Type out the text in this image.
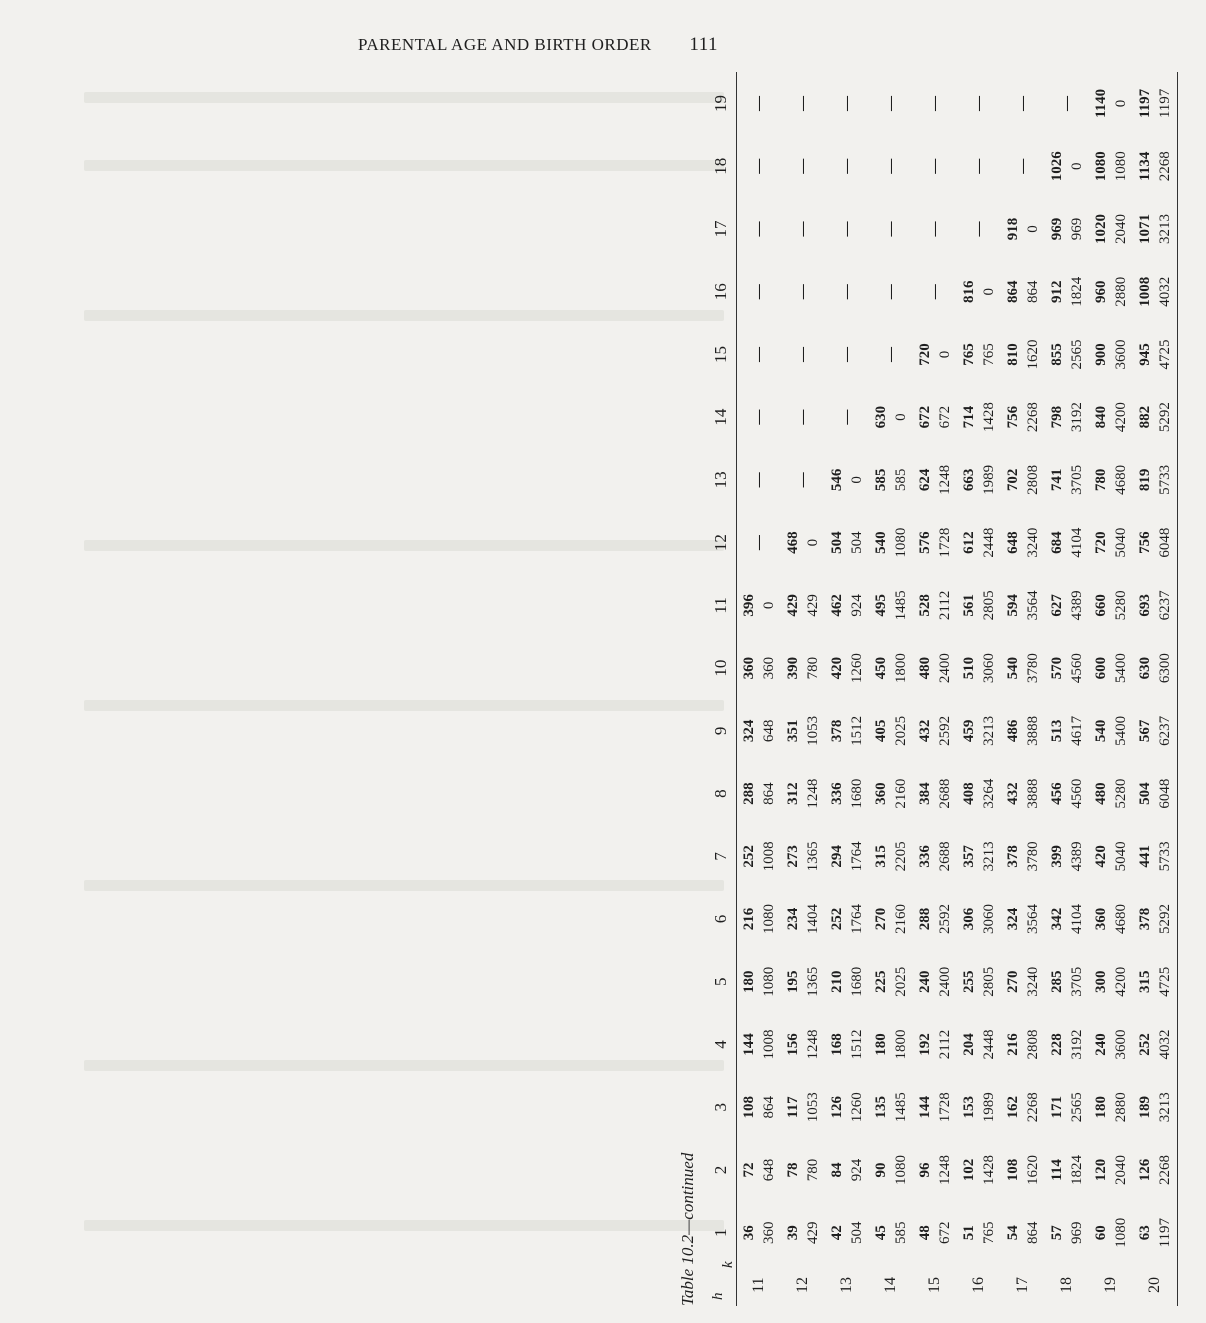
PARENTAL AGE AND BIRTH ORDER 111
Table 10.2—continued h
k	1	2	3	4	5	6	7	8	9	10	11	12	13	14	15	16	17	18	19
11	36 360	72 648	108 864	144 1008	180 1080	216 1080	252 1008	288 864	324 648	360 360	396 0	—	—	—	—	—	—	—	—

12	39 429	78 780	117 1053	156 1248	195 1365	234 1404	273 1365	312 1248	351 1053	390 780	429 429	468 0	—	—	—	—	—	—	—

13	42 504	84 924	126 1260	168 1512	210 1680	252 1764	294 1764	336 1680	378 1512	420 1260	462 924	504 504	546 0	—	—	—	—	—	—

14	45 585	90 1080	135 1485	180 1800	225 2025	270 2160	315 2205	360 2160	405 2025	450 1800	495 1485	540 1080	585 585	630 0	—	—	—	—	—

15	48 672	96 1248	144 1728	192 2112	240 2400	288 2592	336 2688	384 2688	432 2592	480 2400	528 2112	576 1728	624 1248	672 672	720 0	—	—	—	—

16	51 765	102 1428	153 1989	204 2448	255 2805	306 3060	357 3213	408 3264	459 3213	510 3060	561 2805	612 2448	663 1989	714 1428	765 765	816 0	—	—	—

17	54 864	108 1620	162 2268	216 2808	270 3240	324 3564	378 3780	432 3888	486 3888	540 3780	594 3564	648 3240	702 2808	756 2268	810 1620	864 864	918 0	—	—

18	57 969	114 1824	171 2565	228 3192	285 3705	342 4104	399 4389	456 4560	513 4617	570 4560	627 4389	684 4104	741 3705	798 3192	855 2565	912 1824	969 969	1026 0	—

19	60 1080	120 2040	180 2880	240 3600	300 4200	360 4680	420 5040	480 5280	540 5400	600 5400	660 5280	720 5040	780 4680	840 4200	900 3600	960 2880	1020 2040	1080 1080	1140 0

20	63 1197	126 2268	189 3213	252 4032	315 4725	378 5292	441 5733	504 6048	567 6237	630 6300	693 6237	756 6048	819 5733	882 5292	945 4725	1008 4032	1071 3213	1134 2268	1197 1197
